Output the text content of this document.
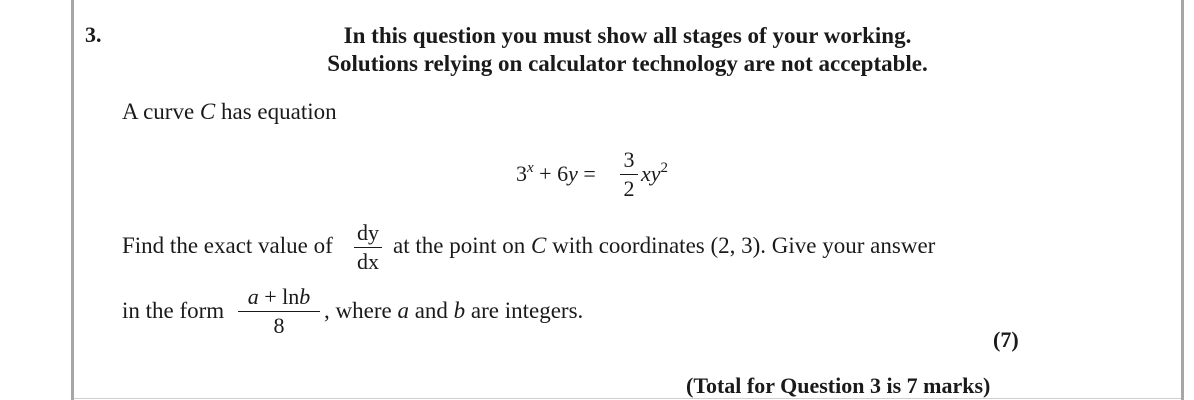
3.	In this question you must show all stages of your working.
Solutions relying on calculator technology are not acceptable.
A curve C has equation
$3^x + 6y$ =
3
2
$xy^2$
Find the exact value of
dy
dx
at the point on C with coordinates (2, 3). Give your answer
in the form
a + lnb
8
, where a and b are integers.
(7)
(Total for Question 3 is 7 marks)
